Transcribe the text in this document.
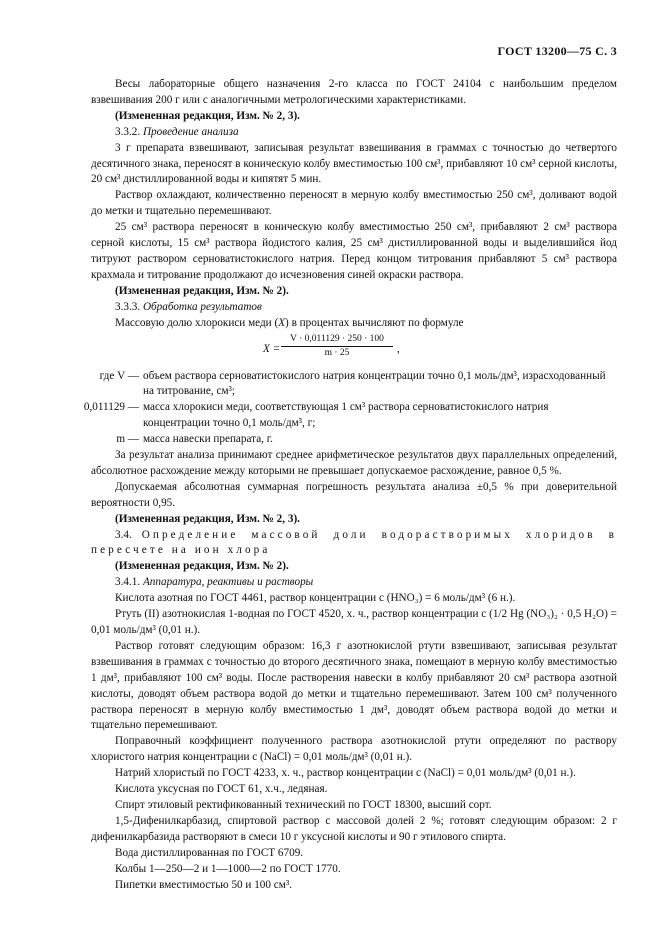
ГОСТ 13200—75 С. 3

Весы лабораторные общего назначения 2-го класса по ГОСТ 24104 с наибольшим пределом взвешивания 200 г или с аналогичными метрологическими характеристиками.

(Измененная редакция, Изм. № 2, 3).

3.3.2. Проведение анализа

3 г препарата взвешивают, записывая результат взвешивания в граммах с точностью до четвертого десятичного знака, переносят в коническую колбу вместимостью 100 см³, прибавляют 10 см³ серной кислоты, 20 см³ дистиллированной воды и кипятят 5 мин.

Раствор охлаждают, количественно переносят в мерную колбу вместимостью 250 см³, доливают водой до метки и тщательно перемешивают.

25 см³ раствора переносят в коническую колбу вместимостью 250 см³, прибавляют 2 см³ раствора серной кислоты, 15 см³ раствора йодистого калия, 25 см³ дистиллированной воды и выделившийся йод титруют раствором серноватистокислого натрия. Перед концом титрования прибавляют 5 см³ раствора крахмала и титрование продолжают до исчезновения синей окраски раствора.

(Измененная редакция, Изм. № 2).

3.3.3. Обработка результатов

Массовую долю хлорокиси меди (X) в процентах вычисляют по формуле

$X = \frac{V \cdot 0,011129 \cdot 250 \cdot 100}{m \cdot 25}$ ,
где V — объем раствора серноватистокислого натрия концентрации точно 0,1 моль/дм³, израсходованный на титрование, см³;
0,011129 — масса хлорокиси меди, соответствующая 1 см³ раствора серноватистокислого натрия концентрации точно 0,1 моль/дм³, г;
m — масса навески препарата, г.

За результат анализа принимают среднее арифметическое результатов двух параллельных определений, абсолютное расхождение между которыми не превышает допускаемое расхождение, равное 0,5 %.

Допускаемая абсолютная суммарная погрешность результата анализа ±0,5 % при доверительной вероятности 0,95.

(Измененная редакция, Изм. № 2, 3).

3.4. Определение массовой доли водорастворимых хлоридов в пересчете на ион хлора

(Измененная редакция, Изм. № 2).

3.4.1. Аппаратура, реактивы и растворы

Кислота азотная по ГОСТ 4461, раствор концентрации c (HNO₃) = 6 моль/дм³ (6 н.).

Ртуть (II) азотнокислая 1-водная по ГОСТ 4520, х. ч., раствор концентрации c (1/2 Hg (NO₃)₂ · 0,5 H₂O) = 0,01 моль/дм³ (0,01 н.).

Раствор готовят следующим образом: 16,3 г азотнокислой ртути взвешивают, записывая результат взвешивания в граммах с точностью до второго десятичного знака, помещают в мерную колбу вместимостью 1 дм³, прибавляют 100 см³ воды. После растворения навески в колбу прибавляют 20 см³ раствора азотной кислоты, доводят объем раствора водой до метки и тщательно перемешивают. Затем 100 см³ полученного раствора переносят в мерную колбу вместимостью 1 дм³, доводят объем раствора водой до метки и тщательно перемешивают.

Поправочный коэффициент полученного раствора азотнокислой ртути определяют по раствору хлористого натрия концентрации c (NaCl) = 0,01 моль/дм³ (0,01 н.).

Натрий хлористый по ГОСТ 4233, х. ч., раствор концентрации c (NaCl) = 0,01 моль/дм³ (0,01 н.).

Кислота уксусная по ГОСТ 61, х.ч., ледяная.

Спирт этиловый ректификованный технический по ГОСТ 18300, высший сорт.

1,5-Дифенилкарбазид, спиртовой раствор с массовой долей 2 %; готовят следующим образом: 2 г дифенилкарбазида растворяют в смеси 10 г уксусной кислоты и 90 г этилового спирта.

Вода дистиллированная по ГОСТ 6709.

Колбы 1—250—2 и 1—1000—2 по ГОСТ 1770.

Пипетки вместимостью 50 и 100 см³.
